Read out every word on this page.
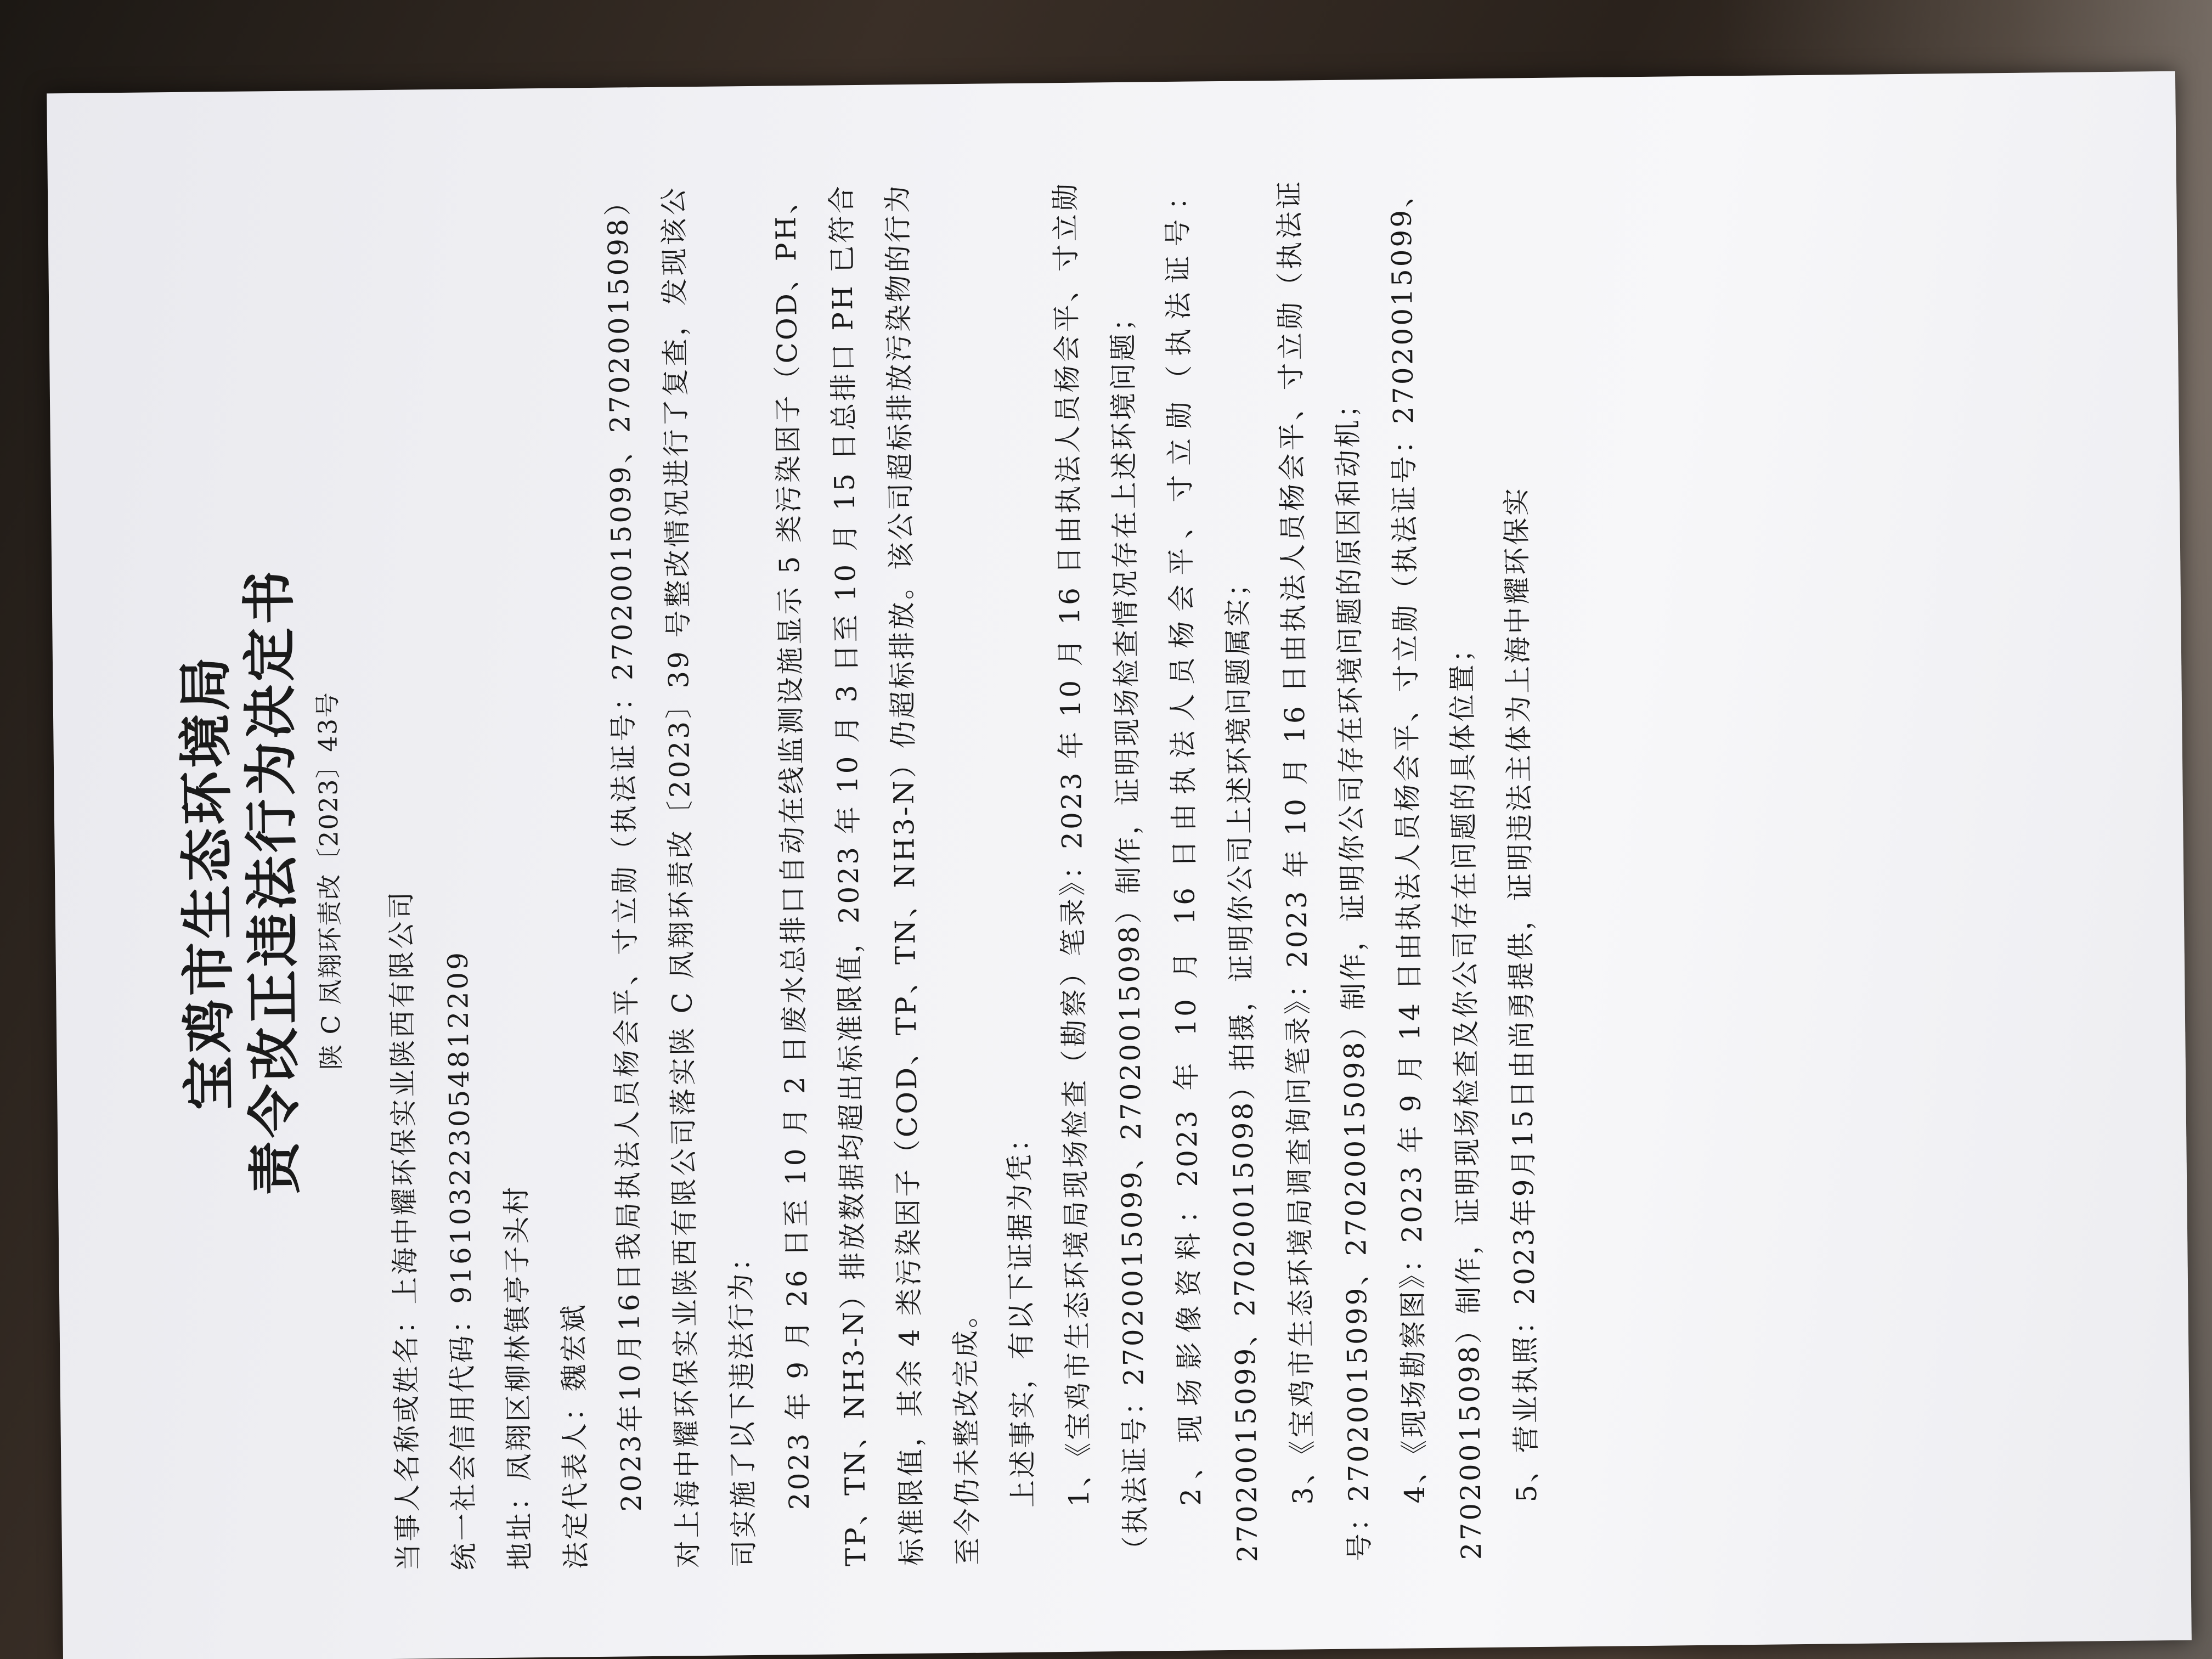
宝鸡市生态环境局
责令改正违法行为决定书 陕 C 凤翔环责改〔2023〕43号

当事人名称或姓名：上海中耀环保实业陕西有限公司

统一社会信用代码：91610322305481220​9

地址：凤翔区柳林镇亭子头村 法定代表人：魏宏斌 2023年10月16日我局执法人员杨会平、寸立勋（执法证号：27020015099、27020015098）对上海中耀环保实业陕西有限公司落实陕 C 凤翔环责改〔2023〕39 号整改情况进行了复查，发现该公司实施了以下违法行为： 2023 年 9 月 26 日至 10 月 2 日废水总排口自动在线监测设施显示 5 类污染因子（COD、PH、TP、TN、NH3-N）排放数据均超出标准限值，2023 年 10 月 3 日至 10 月 15 日总排口 PH 已符合标准限值，其余 4 类污染因子（COD、TP、TN、NH3-N）仍超标排放。该公司超标排放污染物的行为至今仍未整改完成。 上述事实，有以下证据为凭： 1、《宝鸡市生态环境局现场检查（勘察）笔录》：2023 年 10 月 16 日由执法人员杨会平、寸立勋（执法证号：27020015099、27020015098）制作，证明现场检查情况存在上述环境问题； 2、现场影像资料：2023 年 10 月 16 日由执法人员杨会平、寸立勋（执法证号：27020015099、27020015098）拍摄，证明你公司上述环境问题属实； 3、《宝鸡市生态环境局调查询问笔录》：2023 年 10 月 16 日由执法人员杨会平、寸立勋（执法证号：27020015099、27020015098）制作，证明你公司存在环境问题的原因和动机； 4、《现场勘察图》：2023 年 9 月 14 日由执法人员杨会平、寸立勋（执法证号：27020015099、27020015098）制作，证明现场检查及你公司存在问题的具体位置； 5、营业执照：2023年9月15日由尚勇提供，证明违法主体为上海中耀环保实
